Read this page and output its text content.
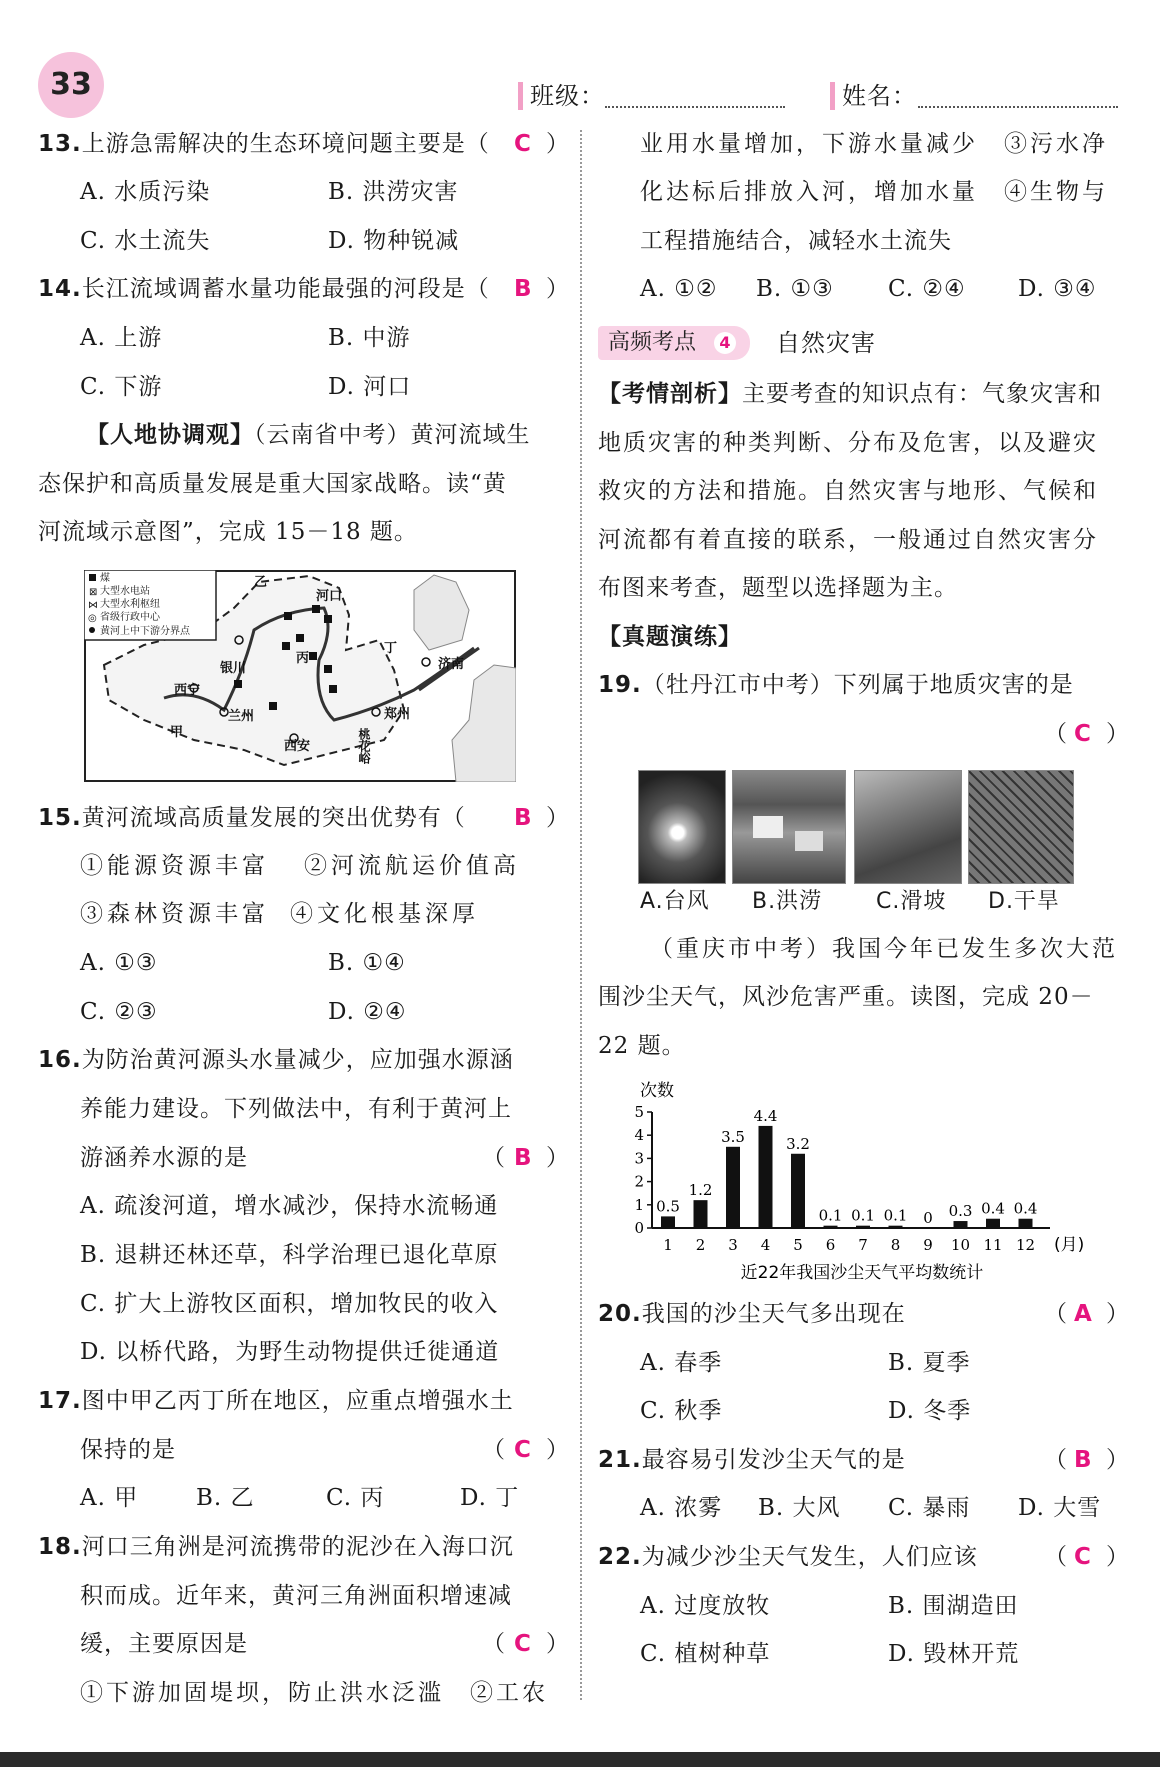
33	班级：	姓名：
13.上游急需解决的生态环境问题主要是（ C ）
A. 水质污染	B. 洪涝灾害
C. 水土流失	D. 物种锐减
14.长江流域调蓄水量功能最强的河段是（ B ）
A. 上游	B. 中游
C. 下游	D. 河口
【人地协调观】（云南省中考）黄河流域生
态保护和高质量发展是重大国家战略。读“黄
河流域示意图”，完成 15－18 题。
煤
⊠ 大型水电站
⋈ 大型水利枢纽
◎ 省级行政中心
黄河上中下游分界点
乙
河口
银川
丙
丁
西宁
兰州
甲
济南
郑州
西安	桃花峪
15.黄河流域高质量发展的突出优势有（ B ）
①能源资源丰富 ②河流航运价值高
③森林资源丰富 ④文化根基深厚
A. ①③	B. ①④
C. ②③	D. ②④
16.为防治黄河源头水量减少，应加强水源涵
养能力建设。下列做法中，有利于黄河上
游涵养水源的是	（ B ）
A. 疏浚河道，增水减沙，保持水流畅通
B. 退耕还林还草，科学治理已退化草原
C. 扩大上游牧区面积，增加牧民的收入
D. 以桥代路，为野生动物提供迁徙通道
17.图中甲乙丙丁所在地区，应重点增强水土
保持的是	（ C ）
A. 甲	B. 乙	C. 丙	D. 丁
18.河口三角洲是河流携带的泥沙在入海口沉
积而成。近年来，黄河三角洲面积增速减
缓，主要原因是	（ C ）
①下游加固堤坝，防止洪水泛滥　②工农
业用水量增加，下游水量减少　③污水净
化达标后排放入河，增加水量　④生物与
工程措施结合，减轻水土流失
A. ①② B. ①③ C. ②④ D. ③④
高频考点	4 自然灾害
【考情剖析】主要考查的知识点有：气象灾害和
地质灾害的种类判断、分布及危害，以及避灾
救灾的方法和措施。自然灾害与地形、气候和
河流都有着直接的联系，一般通过自然灾害分
布图来考查，题型以选择题为主。
【真题演练】
19.（牡丹江市中考）下列属于地质灾害的是
（ C ）
A.台风 B.洪涝 C.滑坡 D.干旱
（重庆市中考）我国今年已发生多次大范
围沙尘天气，风沙危害严重。读图，完成 20－
22 题。
次数
0
1
2
3
4
5
0.5
1.2
3.5
4.4
3.2
0.1 0.1 0.1 0 0.3 0.4 0.4
1 2 3 4 5 6 7 8 9 10 11 12 (月)
近22年我国沙尘天气平均数统计
20.我国的沙尘天气多出现在	（ A ）
A. 春季	B. 夏季
C. 秋季	D. 冬季
21.最容易引发沙尘天气的是	（ B ）
A. 浓雾 B. 大风 C. 暴雨 D. 大雪
22.为减少沙尘天气发生，人们应该	（ C ）
A. 过度放牧	B. 围湖造田
C. 植树种草	D. 毁林开荒
